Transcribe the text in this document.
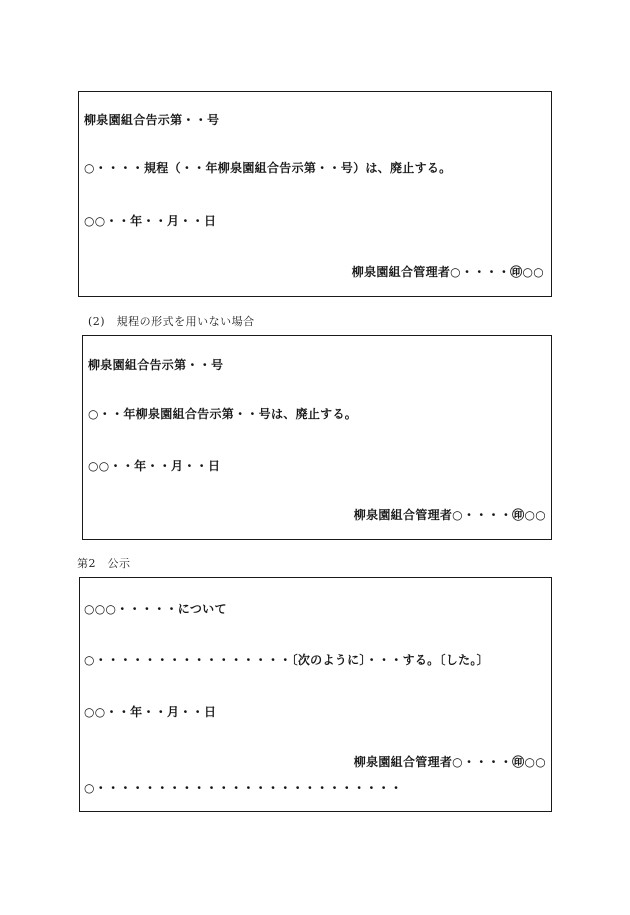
柳泉園組合告示第・・号
○・・・・規程（・・年柳泉園組合告示第・・号）は、廃止する。
○○・・年・・月・・日
柳泉園組合管理者○・・・・㊞○○
(2)　規程の形式を用いない場合
柳泉園組合告示第・・号
○・・年柳泉園組合告示第・・号は、廃止する。
○○・・年・・月・・日
柳泉園組合管理者○・・・・㊞○○
第2　公示
○○○・・・・・について
○・・・・・・・・・・・・・・・・〔次のように〕・・・する。〔した。〕
○○・・年・・月・・日
柳泉園組合管理者○・・・・㊞○○
○・・・・・・・・・・・・・・・・・・・・・・・・・
